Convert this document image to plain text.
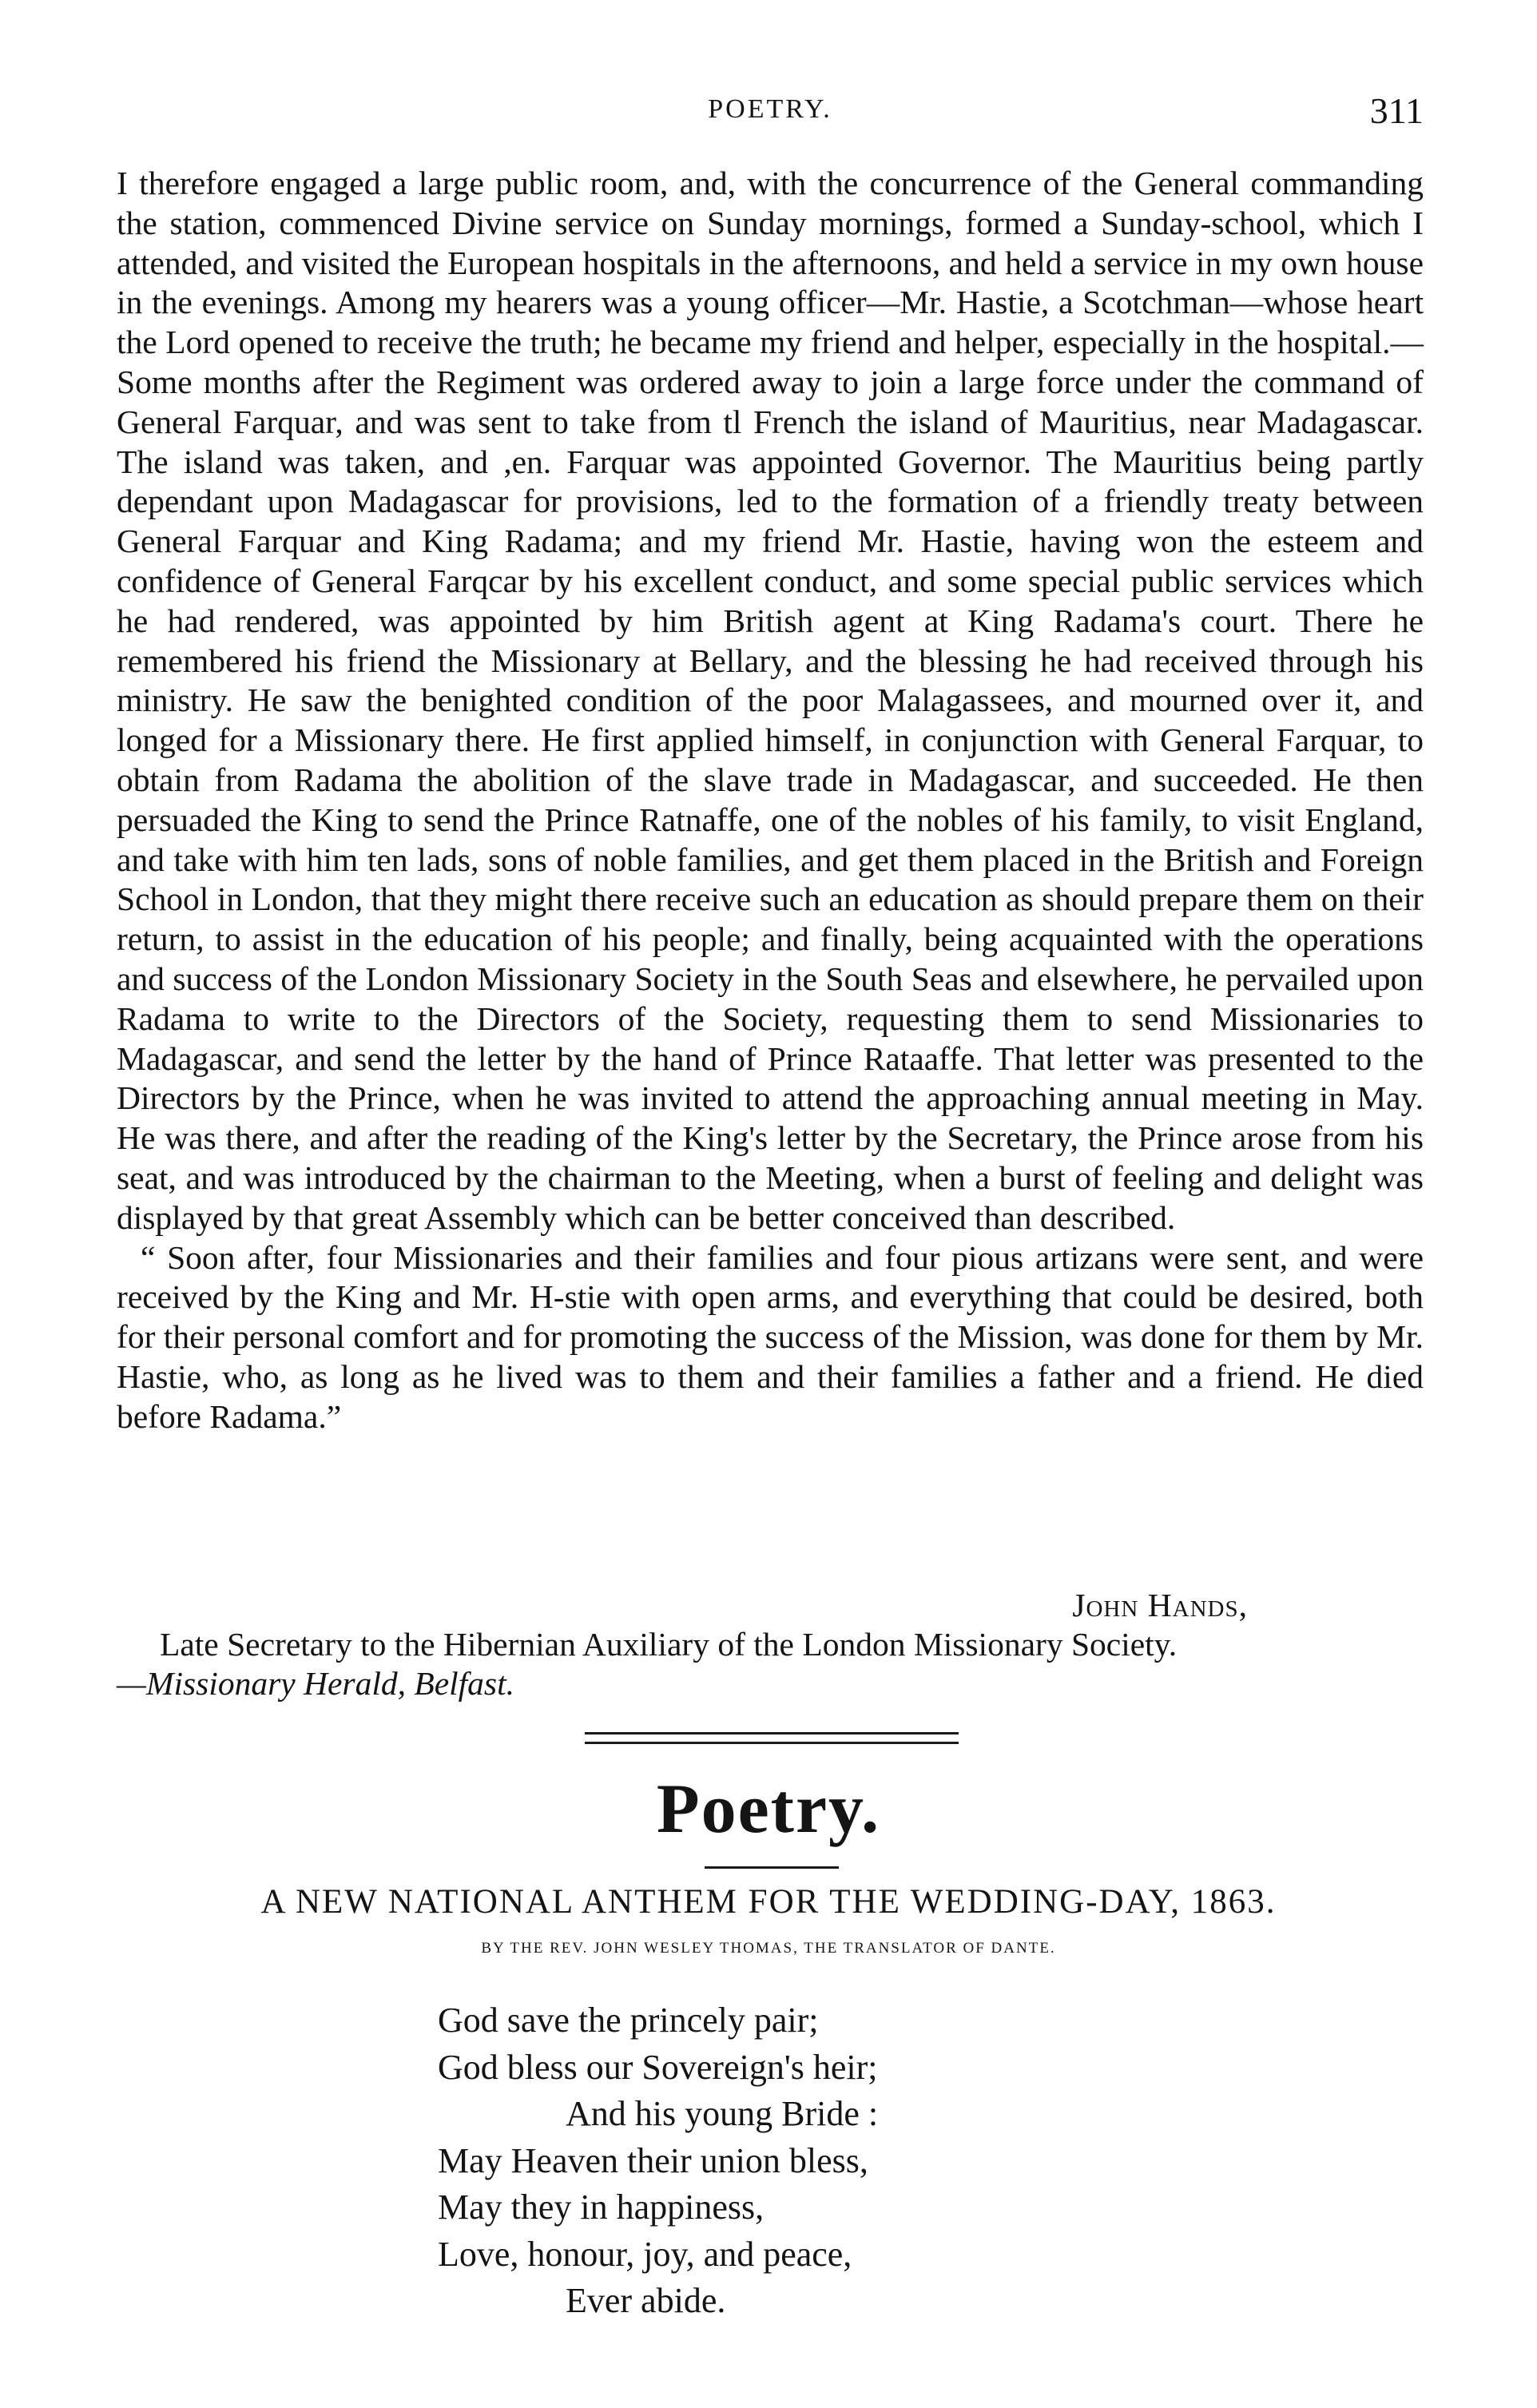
POETRY.	311

I therefore engaged a large public room, and, with the concurrence of the General commanding the station, commenced Divine service on Sunday mornings, formed a Sunday-school, which I attended, and visited the European hospitals in the afternoons, and held a service in my own house in the evenings. Among my hearers was a young officer—Mr. Hastie, a Scotchman—whose heart the Lord opened to receive the truth; he became my friend and helper, especially in the hospital.—Some months after the Regiment was ordered away to join a large force under the command of General Farquar, and was sent to take from tl French the island of Mauritius, near Madagascar. The island was taken, and ,en. Farquar was appointed Governor. The Mauritius being partly dependant upon Madagascar for provisions, led to the formation of a friendly treaty between General Farquar and King Radama; and my friend Mr. Hastie, having won the esteem and confidence of General Farqcar by his excellent conduct, and some special public services which he had rendered, was appointed by him British agent at King Radama's court. There he remembered his friend the Missionary at Bellary, and the blessing he had received through his ministry. He saw the benighted condition of the poor Malagassees, and mourned over it, and longed for a Missionary there. He first applied himself, in conjunction with General Farquar, to obtain from Radama the abolition of the slave trade in Madagascar, and succeeded. He then persuaded the King to send the Prince Ratnaffe, one of the nobles of his family, to visit England, and take with him ten lads, sons of noble families, and get them placed in the British and Foreign School in London, that they might there receive such an education as should prepare them on their return, to assist in the education of his people; and finally, being acquainted with the operations and success of the London Missionary Society in the South Seas and elsewhere, he pervailed upon Radama to write to the Directors of the Society, requesting them to send Missionaries to Madagascar, and send the letter by the hand of Prince Rataaffe. That letter was presented to the Directors by the Prince, when he was invited to attend the approaching annual meeting in May. He was there, and after the reading of the King's letter by the Secretary, the Prince arose from his seat, and was introduced by the chairman to the Meeting, when a burst of feeling and delight was displayed by that great Assembly which can be better conceived than described.

“ Soon after, four Missionaries and their families and four pious artizans were sent, and were received by the King and Mr. H-stie with open arms, and everything that could be desired, both for their personal comfort and for promoting the success of the Mission, was done for them by Mr. Hastie, who, as long as he lived was to them and their families a father and a friend. He died before Radama.”

John Hands,
Late Secretary to the Hibernian Auxiliary of the London Missionary Society.
—Missionary Herald, Belfast.
Poetry.
A NEW NATIONAL ANTHEM FOR THE WEDDING-DAY, 1863.
BY THE REV. JOHN WESLEY THOMAS, THE TRANSLATOR OF DANTE.
God save the princely pair;
God bless our Sovereign's heir;
And his young Bride :
May Heaven their union bless,
May they in happiness,
Love, honour, joy, and peace,
Ever abide.
